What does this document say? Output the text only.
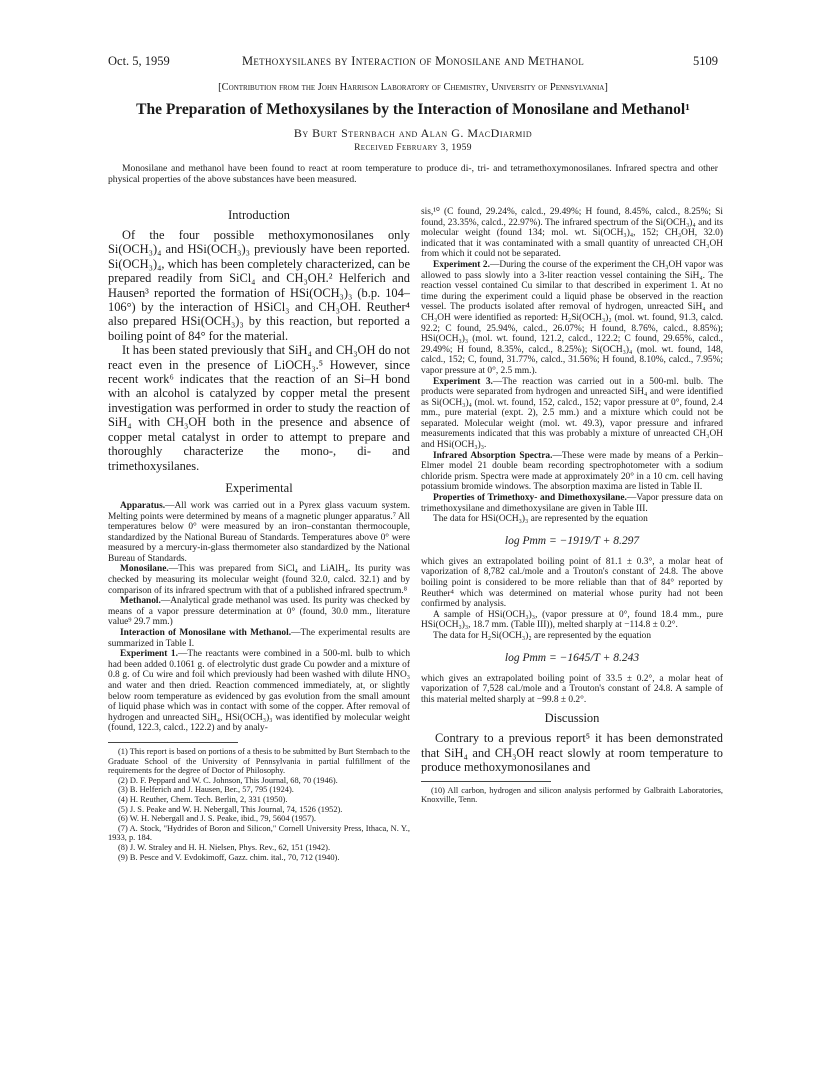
Oct. 5, 1959	Methoxysilanes by Interaction of Monosilane and Methanol	5109
[Contribution from the John Harrison Laboratory of Chemistry, University of Pennsylvania]
The Preparation of Methoxysilanes by the Interaction of Monosilane and Methanol¹
By Burt Sternbach and Alan G. MacDiarmid
Received February 3, 1959
Monosilane and methanol have been found to react at room temperature to produce di-, tri- and tetramethoxymonosilanes. Infrared spectra and other physical properties of the above substances have been measured.
Introduction

Of the four possible methoxymonosilanes only Si(OCH₃)₄ and HSi(OCH₃)₃ previously have been reported. Si(OCH₃)₄, which has been completely characterized, can be prepared readily from SiCl₄ and CH₃OH.² Helferich and Hausen³ reported the formation of HSi(OCH₃)₃ (b.p. 104–106°) by the interaction of HSiCl₃ and CH₃OH. Reuther⁴ also prepared HSi(OCH₃)₃ by this reaction, but reported a boiling point of 84° for the material.

It has been stated previously that SiH₄ and CH₃OH do not react even in the presence of LiOCH₃.⁵ However, since recent work⁶ indicates that the reaction of an Si–H bond with an alcohol is catalyzed by copper metal the present investigation was performed in order to study the reaction of SiH₄ with CH₃OH both in the presence and absence of copper metal catalyst in order to attempt to prepare and thoroughly characterize the mono-, di- and trimethoxysilanes.

Experimental

Apparatus.—All work was carried out in a Pyrex glass vacuum system. Melting points were determined by means of a magnetic plunger apparatus.⁷ All temperatures below 0° were measured by an iron–constantan thermocouple, standardized by the National Bureau of Standards. Temperatures above 0° were measured by a mercury-in-glass thermometer also standardized by the National Bureau of Standards.

Monosilane.—This was prepared from SiCl₄ and LiAlH₄. Its purity was checked by measuring its molecular weight (found 32.0, calcd. 32.1) and by comparison of its infrared spectrum with that of a published infrared spectrum.⁸

Methanol.—Analytical grade methanol was used. Its purity was checked by means of a vapor pressure determination at 0° (found, 30.0 mm., literature value⁹ 29.7 mm.)

Interaction of Monosilane with Methanol.—The experimental results are summarized in Table I.

Experiment 1.—The reactants were combined in a 500-ml. bulb to which had been added 0.1061 g. of electrolytic dust grade Cu powder and a mixture of 0.8 g. of Cu wire and foil which previously had been washed with dilute HNO₃ and water and then dried. Reaction commenced immediately, at, or slightly below room temperature as evidenced by gas evolution from the small amount of liquid phase which was in contact with some of the copper. After removal of hydrogen and unreacted SiH₄, HSi(OCH₃)₃ was identified by molecular weight (found, 122.3, calcd., 122.2) and by analy-

(1) This report is based on portions of a thesis to be submitted by Burt Sternbach to the Graduate School of the University of Pennsylvania in partial fulfillment of the requirements for the degree of Doctor of Philosophy.

(2) D. F. Peppard and W. C. Johnson, This Journal, 68, 70 (1946).

(3) B. Helferich and J. Hausen, Ber., 57, 795 (1924).

(4) H. Reuther, Chem. Tech. Berlin, 2, 331 (1950).

(5) J. S. Peake and W. H. Nebergall, This Journal, 74, 1526 (1952).

(6) W. H. Nebergall and J. S. Peake, ibid., 79, 5604 (1957).

(7) A. Stock, "Hydrides of Boron and Silicon," Cornell University Press, Ithaca, N. Y., 1933, p. 184.

(8) J. W. Straley and H. H. Nielsen, Phys. Rev., 62, 151 (1942).

(9) B. Pesce and V. Evdokimoff, Gazz. chim. ital., 70, 712 (1940).

sis,¹⁰ (C found, 29.24%, calcd., 29.49%; H found, 8.45%, calcd., 8.25%; Si found, 23.35%, calcd., 22.97%). The infrared spectrum of the Si(OCH₃)₄ and its molecular weight (found 134; mol. wt. Si(OCH₃)₄, 152; CH₃OH, 32.0) indicated that it was contaminated with a small quantity of unreacted CH₃OH from which it could not be separated.

Experiment 2.—During the course of the experiment the CH₃OH vapor was allowed to pass slowly into a 3-liter reaction vessel containing the SiH₄. The reaction vessel contained Cu similar to that described in experiment 1. At no time during the experiment could a liquid phase be observed in the reaction vessel. The products isolated after removal of hydrogen, unreacted SiH₄ and CH₃OH were identified as reported: H₂Si(OCH₃)₂ (mol. wt. found, 91.3, calcd. 92.2; C found, 25.94%, calcd., 26.07%; H found, 8.76%, calcd., 8.85%); HSi(OCH₃)₃ (mol. wt. found, 121.2, calcd., 122.2; C found, 29.65%, calcd., 29.49%; H found, 8.35%, calcd., 8.25%); Si(OCH₃)₄ (mol. wt. found, 148, calcd., 152; C, found, 31.77%, calcd., 31.56%; H found, 8.10%, calcd., 7.95%; vapor pressure at 0°, 2.5 mm.).

Experiment 3.—The reaction was carried out in a 500-ml. bulb. The products were separated from hydrogen and unreacted SiH₄ and were identified as Si(OCH₃)₄ (mol. wt. found, 152, calcd., 152; vapor pressure at 0°, found, 2.4 mm., pure material (expt. 2), 2.5 mm.) and a mixture which could not be separated. Molecular weight (mol. wt. 49.3), vapor pressure and infrared measurements indicated that this was probably a mixture of unreacted CH₃OH and HSi(OCH₃)₃.

Infrared Absorption Spectra.—These were made by means of a Perkin–Elmer model 21 double beam recording spectrophotometer with a sodium chloride prism. Spectra were made at approximately 20° in a 10 cm. cell having potassium bromide windows. The absorption maxima are listed in Table II.

Properties of Trimethoxy- and Dimethoxysilane.—Vapor pressure data on trimethoxysilane and dimethoxysilane are given in Table III.

The data for HSi(OCH₃)₃ are represented by the equation

log Pmm = −1919/T + 8.297

which gives an extrapolated boiling point of 81.1 ± 0.3°, a molar heat of vaporization of 8,782 cal./mole and a Trouton's constant of 24.8. The above boiling point is considered to be more reliable than that of 84° reported by Reuther⁴ which was determined on material whose purity had not been confirmed by analysis.

A sample of HSi(OCH₃)₃, (vapor pressure at 0°, found 18.4 mm., pure HSi(OCH₃)₃, 18.7 mm. (Table III)), melted sharply at −114.8 ± 0.2°.

The data for H₂Si(OCH₃)₂ are represented by the equation

log Pmm = −1645/T + 8.243

which gives an extrapolated boiling point of 33.5 ± 0.2°, a molar heat of vaporization of 7,528 cal./mole and a Trouton's constant of 24.8. A sample of this material melted sharply at −99.8 ± 0.2°.

Discussion

Contrary to a previous report⁵ it has been demonstrated that SiH₄ and CH₃OH react slowly at room temperature to produce methoxymonosilanes and

(10) All carbon, hydrogen and silicon analysis performed by Galbraith Laboratories, Knoxville, Tenn.
